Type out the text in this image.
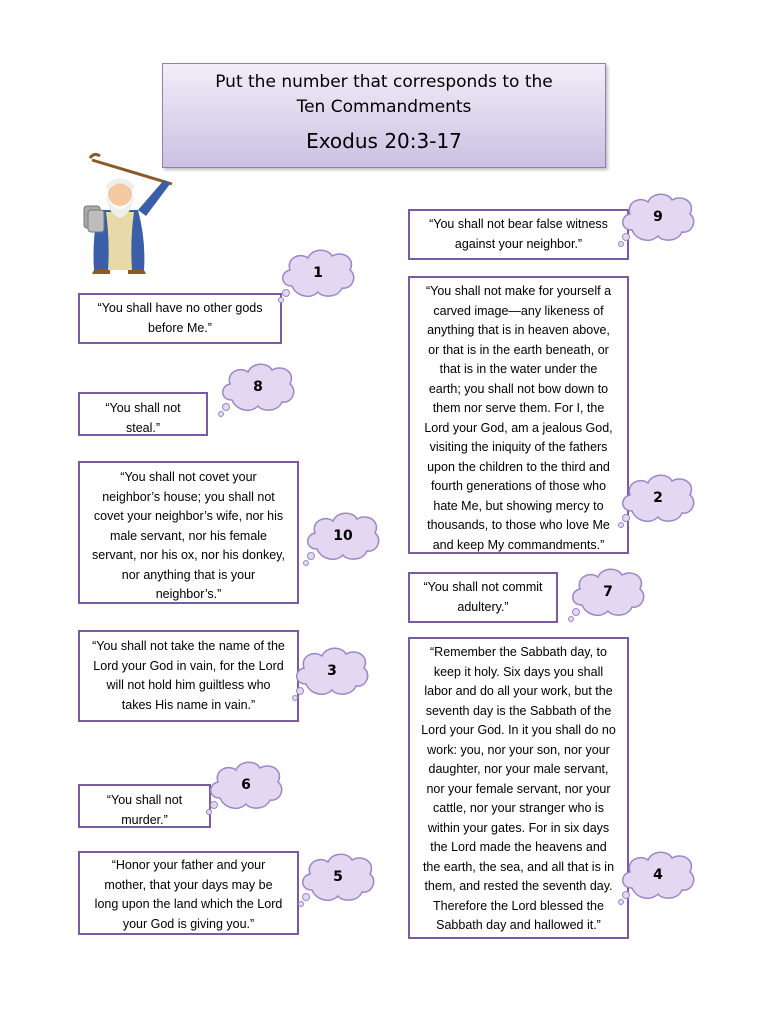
Put the number that corresponds to the Ten Commandments
Exodus 20:3-17
“You shall have no other gods
before Me.”
“You shall not
steal.”
“You shall not covet your
neighbor’s house; you shall not
covet your neighbor’s wife, nor his
male servant, nor his female
servant, nor his ox, nor his donkey,
nor anything that is your
neighbor’s.”
“You shall not take the name of the
Lord your God in vain, for the Lord
will not hold him guiltless who
takes His name in vain.”
“You shall not
murder.”
“Honor your father and your
mother, that your days may be
long upon the land which the Lord
your God is giving you.”
“You shall not bear false witness
against your neighbor.”
“You shall not make for yourself a
carved image—any likeness of
anything that is in heaven above,
or that is in the earth beneath, or
that is in the water under the
earth; you shall not bow down to
them nor serve them. For I, the
Lord your God, am a jealous God,
visiting the iniquity of the fathers
upon the children to the third and
fourth generations of those who
hate Me, but showing mercy to
thousands, to those who love Me
and keep My commandments.”
“You shall not commit
adultery.”
“Remember the Sabbath day, to
keep it holy. Six days you shall
labor and do all your work, but the
seventh day is the Sabbath of the
Lord your God. In it you shall do no
work: you, nor your son, nor your
daughter, nor your male servant,
nor your female servant, nor your
cattle, nor your stranger who is
within your gates. For in six days
the Lord made the heavens and
the earth, the sea, and all that is in
them, and rested the seventh day.
Therefore the Lord blessed the
Sabbath day and hallowed it.”
1
8
10
3
6
5
9
2
7
4
